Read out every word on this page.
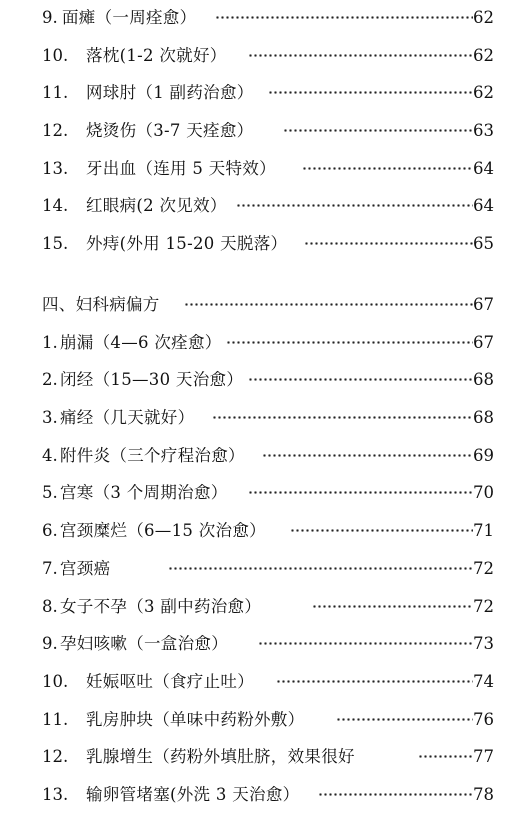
9. 面瘫（一周痊愈）	62
10. 落枕(1-2 次就好）	62
11. 网球肘（1 副药治愈）	62
12. 烧烫伤（3-7 天痊愈）	63
13. 牙出血（连用 5 天特效）	64
14. 红眼病(2 次见效）	64
15. 外痔(外用 15-20 天脱落）	65
四、妇科病偏方	67
1. 崩漏（4—6 次痊愈）	67
2. 闭经（15—30 天治愈）	68
3. 痛经（几天就好）	68
4. 附件炎（三个疗程治愈）	69
5. 宫寒（3 个周期治愈）	70
6. 宫颈糜烂（6—15 次治愈）	71
7. 宫颈癌	72
8. 女子不孕（3 副中药治愈）	72
9. 孕妇咳嗽（一盒治愈）	73
10. 妊娠呕吐（食疗止吐）	74
11. 乳房肿块（单味中药粉外敷）	76
12. 乳腺增生（药粉外填肚脐，效果很好	77
13. 输卵管堵塞(外洗 3 天治愈）	78
